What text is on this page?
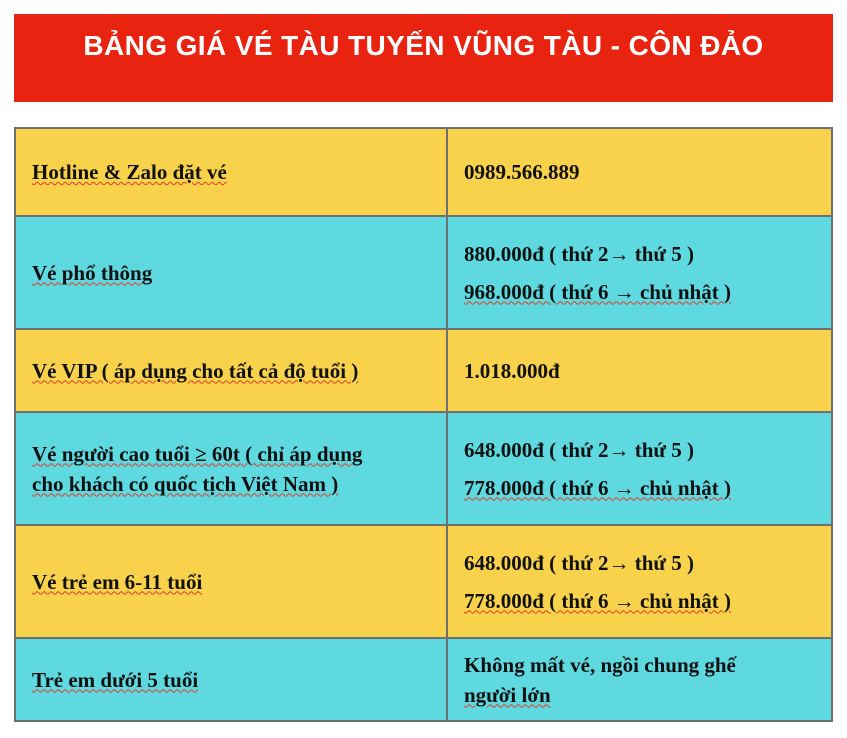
BẢNG GIÁ VÉ TÀU TUYẾN VŨNG TÀU - CÔN ĐẢO
Hotline & Zalo đặt vé	0989.566.889
Vé phổ thông
880.000đ ( thứ 2→ thứ 5 )
968.000đ ( thứ 6 → chủ nhật )
Vé VIP ( áp dụng cho tất cả độ tuổi )	1.018.000đ
Vé người cao tuổi ≥ 60t ( chỉ áp dụng
cho khách có quốc tịch Việt Nam )
648.000đ ( thứ 2→ thứ 5 )
778.000đ ( thứ 6 → chủ nhật )
Vé trẻ em 6-11 tuổi
648.000đ ( thứ 2→ thứ 5 )
778.000đ ( thứ 6 → chủ nhật )
Trẻ em dưới 5 tuổi
Không mất vé, ngồi chung ghế
người lớn
